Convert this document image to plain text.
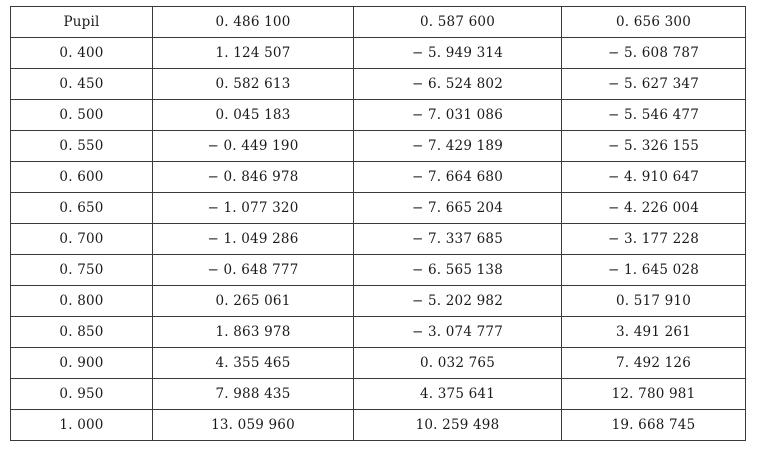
Pupil	0. 486 100	0. 587 600	0. 656 300
0. 400	1. 124 507	− 5. 949 314	− 5. 608 787
0. 450	0. 582 613	− 6. 524 802	− 5. 627 347
0. 500	0. 045 183	− 7. 031 086	− 5. 546 477
0. 550	− 0. 449 190	− 7. 429 189	− 5. 326 155
0. 600	− 0. 846 978	− 7. 664 680	− 4. 910 647
0. 650	− 1. 077 320	− 7. 665 204	− 4. 226 004
0. 700	− 1. 049 286	− 7. 337 685	− 3. 177 228
0. 750	− 0. 648 777	− 6. 565 138	− 1. 645 028
0. 800	0. 265 061	− 5. 202 982	0. 517 910
0. 850	1. 863 978	− 3. 074 777	3. 491 261
0. 900	4. 355 465	0. 032 765	7. 492 126
0. 950	7. 988 435	4. 375 641	12. 780 981
1. 000	13. 059 960	10. 259 498	19. 668 745
